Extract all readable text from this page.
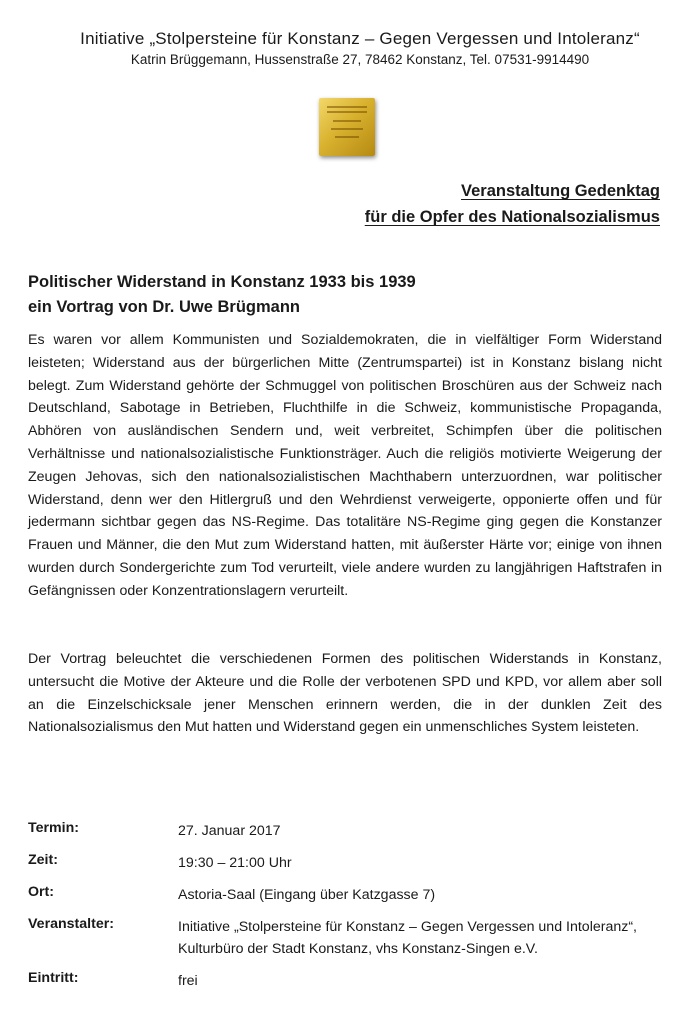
Initiative „Stolpersteine für Konstanz – Gegen Vergessen und Intoleranz“
Katrin Brüggemann, Hussenstraße 27, 78462 Konstanz, Tel. 07531-9914490
Veranstaltung Gedenktag
für die Opfer des Nationalsozialismus
Politischer Widerstand in Konstanz 1933 bis 1939
ein Vortrag von Dr. Uwe Brügmann
Es waren vor allem Kommunisten und Sozialdemokraten, die in vielfältiger Form Widerstand leisteten; Widerstand aus der bürgerlichen Mitte (Zentrumspartei) ist in Konstanz bislang nicht belegt. Zum Widerstand gehörte der Schmuggel von politischen Broschüren aus der Schweiz nach Deutschland, Sabotage in Betrieben, Fluchthilfe in die Schweiz, kommunistische Propaganda, Abhören von ausländischen Sendern und, weit verbreitet, Schimpfen über die politischen Verhältnisse und nationalsozialistische Funktionsträger. Auch die religiös motivierte Weigerung der Zeugen Jehovas, sich den nationalsozialistischen Machthabern unterzuordnen, war politischer Widerstand, denn wer den Hitlergruß und den Wehrdienst verweigerte, opponierte offen und für jedermann sichtbar gegen das NS-Regime. Das totalitäre NS-Regime ging gegen die Konstanzer Frauen und Männer, die den Mut zum Widerstand hatten, mit äußerster Härte vor; einige von ihnen wurden durch Sondergerichte zum Tod verurteilt, viele andere wurden zu langjährigen Haftstrafen in Gefängnissen oder Konzentrationslagern verurteilt.
Der Vortrag beleuchtet die verschiedenen Formen des politischen Widerstands in Konstanz, untersucht die Motive der Akteure und die Rolle der verbotenen SPD und KPD, vor allem aber soll an die Einzelschicksale jener Menschen erinnern werden, die in der dunklen Zeit des Nationalsozialismus den Mut hatten und Widerstand gegen ein unmenschliches System leisteten.
Termin:	27. Januar 2017
Zeit:	19:30 – 21:00 Uhr
Ort:	Astoria-Saal (Eingang über Katzgasse 7)
Veranstalter:	Initiative „Stolpersteine für Konstanz – Gegen Vergessen und Intoleranz“, Kulturbüro der Stadt Konstanz, vhs Konstanz-Singen e.V.
Eintritt:	frei
